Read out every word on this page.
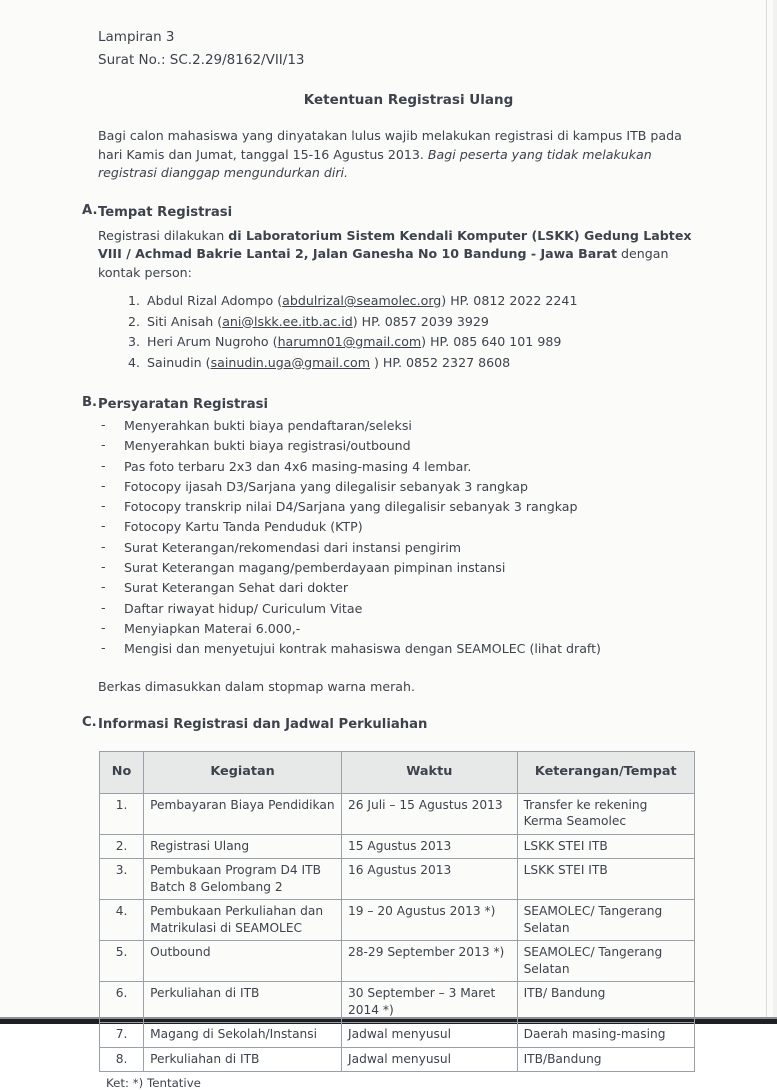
Lampiran 3
Surat No.: SC.2.29/8162/VII/13
Ketentuan Registrasi Ulang
Bagi calon mahasiswa yang dinyatakan lulus wajib melakukan registrasi di kampus ITB pada hari Kamis dan Jumat, tanggal 15-16 Agustus 2013. Bagi peserta yang tidak melakukan registrasi dianggap mengundurkan diri.
A. Tempat Registrasi
Registrasi dilakukan di Laboratorium Sistem Kendali Komputer (LSKK) Gedung Labtex VIII / Achmad Bakrie Lantai 2, Jalan Ganesha No 10 Bandung - Jawa Barat dengan kontak person:
1. Abdul Rizal Adompo (abdulrizal@seamolec.org) HP. 0812 2022 2241
2. Siti Anisah (ani@lskk.ee.itb.ac.id) HP. 0857 2039 3929
3. Heri Arum Nugroho (harumn01@gmail.com) HP. 085 640 101 989
4. Sainudin (sainudin.uga@gmail.com ) HP. 0852 2327 8608
B. Persyaratan Registrasi
- Menyerahkan bukti biaya pendaftaran/seleksi
- Menyerahkan bukti biaya registrasi/outbound
- Pas foto terbaru 2x3 dan 4x6 masing-masing 4 lembar.
- Fotocopy ijasah D3/Sarjana yang dilegalisir sebanyak 3 rangkap
- Fotocopy transkrip nilai D4/Sarjana yang dilegalisir sebanyak 3 rangkap
- Fotocopy Kartu Tanda Penduduk (KTP)
- Surat Keterangan/rekomendasi dari instansi pengirim
- Surat Keterangan magang/pemberdayaan pimpinan instansi
- Surat Keterangan Sehat dari dokter
- Daftar riwayat hidup/ Curiculum Vitae
- Menyiapkan Materai 6.000,-
- Mengisi dan menyetujui kontrak mahasiswa dengan SEAMOLEC (lihat draft)
Berkas dimasukkan dalam stopmap warna merah.
C. Informasi Registrasi dan Jadwal Perkuliahan
No	Kegiatan	Waktu	Keterangan/Tempat
1.	Pembayaran Biaya Pendidikan	26 Juli – 15 Agustus 2013	Transfer ke rekening Kerma Seamolec
2.	Registrasi Ulang	15 Agustus 2013	LSKK STEI ITB
3.	Pembukaan Program D4 ITB Batch 8 Gelombang 2	16 Agustus 2013	LSKK STEI ITB
4.	Pembukaan Perkuliahan dan Matrikulasi di SEAMOLEC	19 – 20 Agustus 2013 *)	SEAMOLEC/ Tangerang Selatan
5.	Outbound	28-29 September 2013 *)	SEAMOLEC/ Tangerang Selatan
6.	Perkuliahan di ITB	30 September – 3 Maret 2014 *)	ITB/ Bandung
7.	Magang di Sekolah/Instansi	Jadwal menyusul	Daerah masing-masing
8.	Perkuliahan di ITB	Jadwal menyusul	ITB/Bandung
Ket: *) Tentative
